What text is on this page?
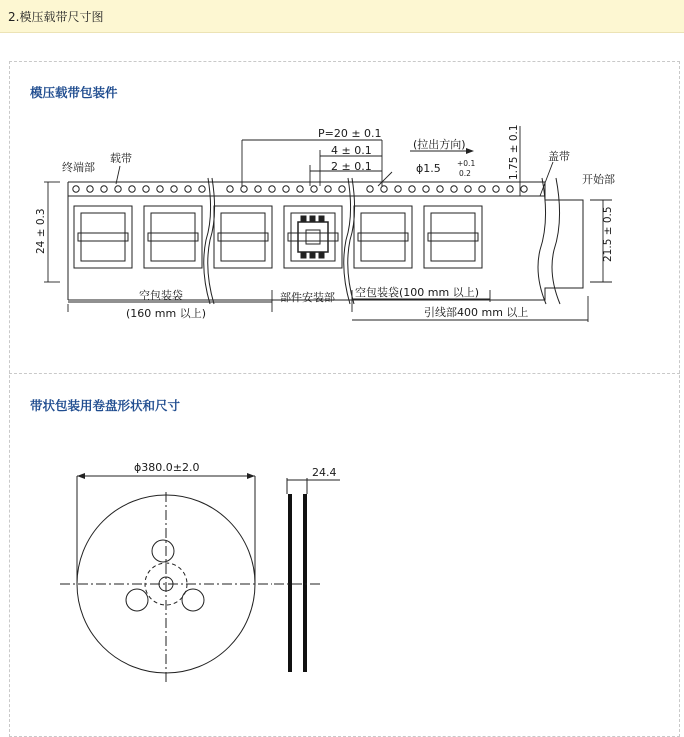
2.模压载带尺寸图
模压载带包装件
带状包装用卷盘形状和尺寸
P=20 ± 0.1
4 ± 0.1
2 ± 0.1
(拉出方向)
ϕ1.5 +0.1
0.2
终端部
载带	盖带
开始部
24 ± 0.3
1.75 ± 0.1
21.5 ± 0.5
空包装袋
(160 mm 以上)
部件安装部 空包装袋(100 mm 以上)
引线部400 mm 以上
ϕ380.0±2.0	24.4
